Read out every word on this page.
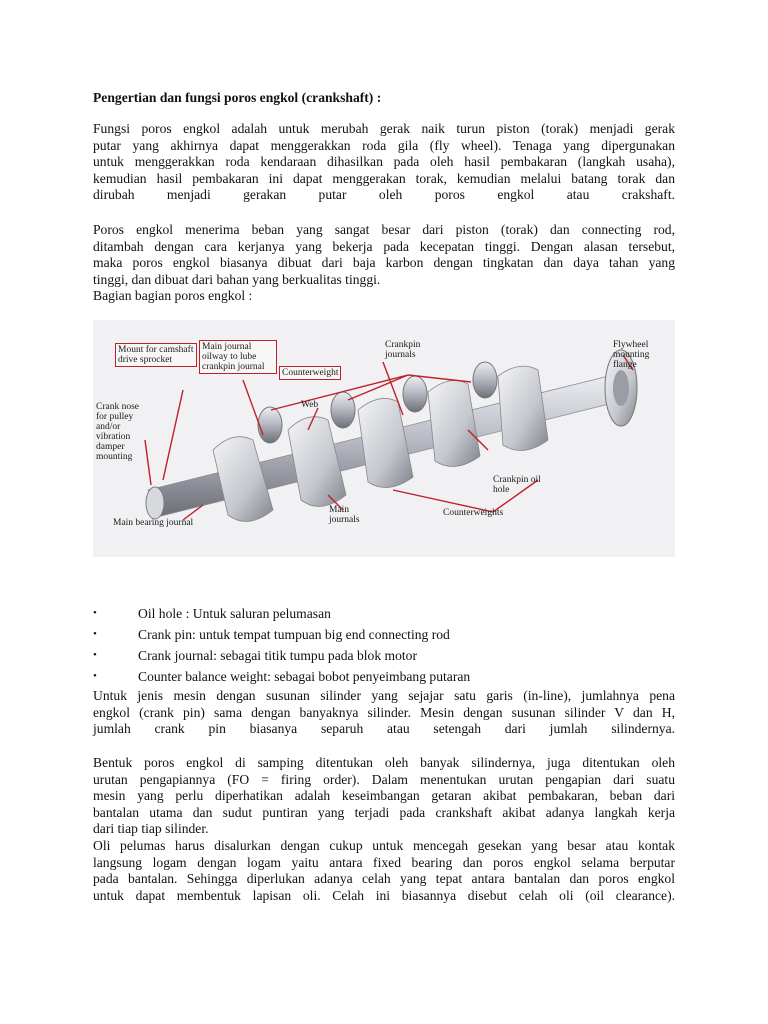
Pengertian dan fungsi poros engkol (crankshaft) :

Fungsi poros engkol adalah untuk merubah gerak naik turun piston (torak) menjadi gerak

putar yang akhirnya dapat menggerakkan roda gila (fly wheel). Tenaga yang dipergunakan

untuk menggerakkan roda kendaraan dihasilkan pada oleh hasil pembakaran (langkah usaha),

kemudian hasil pembakaran ini dapat menggerakan torak, kemudian melalui batang torak dan

dirubah menjadi gerakan putar oleh poros engkol atau crakshaft.

Poros engkol menerima beban yang sangat besar dari piston (torak) dan connecting rod,

ditambah dengan cara kerjanya yang bekerja pada kecepatan tinggi. Dengan alasan tersebut,

maka poros engkol biasanya dibuat dari baja karbon dengan tingkatan dan daya tahan yang

tinggi, dan dibuat dari bahan yang berkualitas tinggi.

Bagian bagian poros engkol :

Mount for camshaft drive sprocket
Main journal oilway to lube crankpin journal
Counterweight
Crankpin journals
Flywheel mounting flange
Crank nose for pulley and/or vibration damper mounting
Web
Crankpin oil hole
Counterweights
Main journals
Main bearing journal
•	Oil hole : Untuk saluran pelumasan
•	Crank pin: untuk tempat tumpuan big end connecting rod
•	Crank journal: sebagai titik tumpu pada blok motor
•	Counter balance weight: sebagai bobot penyeimbang putaran

Untuk jenis mesin dengan susunan silinder yang sejajar satu garis (in-line), jumlahnya pena

engkol (crank pin) sama dengan banyaknya silinder. Mesin dengan susunan silinder V dan H,

jumlah crank pin biasanya separuh atau setengah dari jumlah silindernya.

Bentuk poros engkol di samping ditentukan oleh banyak silindernya, juga ditentukan oleh

urutan pengapiannya (FO = firing order). Dalam menentukan urutan pengapian dari suatu

mesin yang perlu diperhatikan adalah keseimbangan getaran akibat pembakaran, beban dari

bantalan utama dan sudut puntiran yang terjadi pada crankshaft akibat adanya langkah kerja

dari tiap tiap silinder.

Oli pelumas harus disalurkan dengan cukup untuk mencegah gesekan yang besar atau kontak

langsung logam dengan logam yaitu antara fixed bearing dan poros engkol selama berputar

pada bantalan. Sehingga diperlukan adanya celah yang tepat antara bantalan dan poros engkol

untuk dapat membentuk lapisan oli. Celah ini biasannya disebut celah oli (oil clearance).
